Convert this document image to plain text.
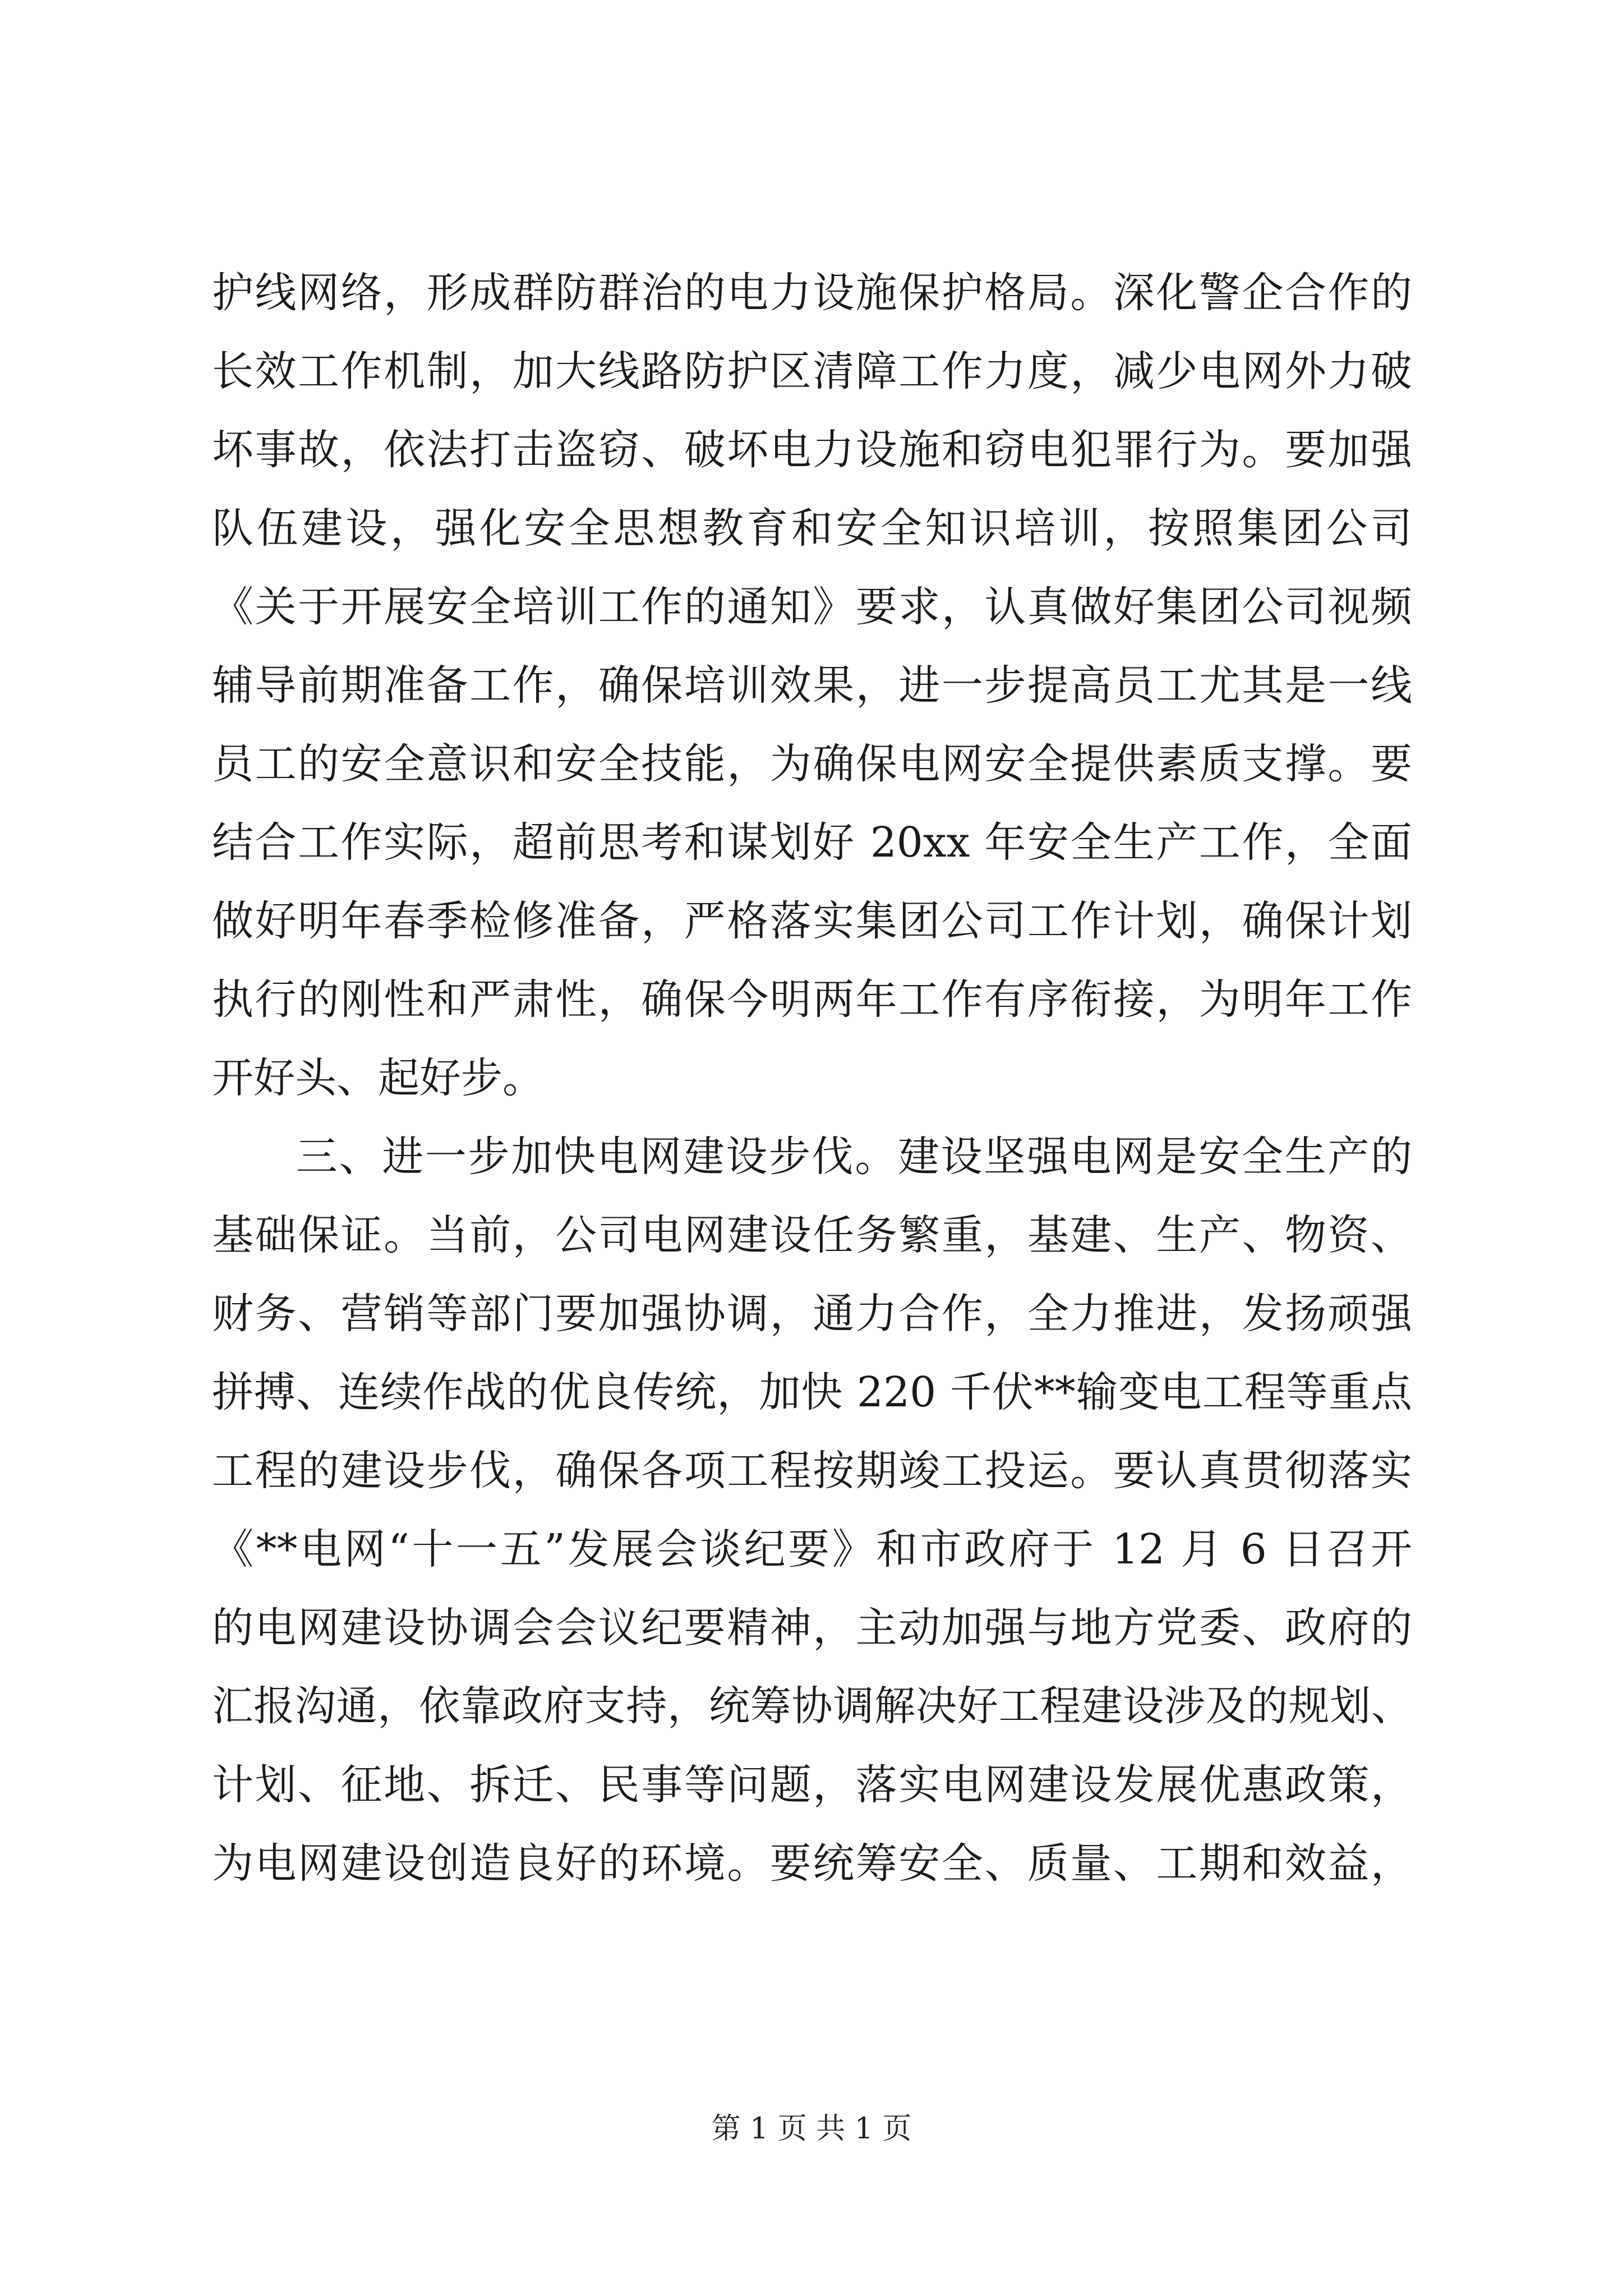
护线网络，形成群防群治的电力设施保护格局。深化警企合作的
长效工作机制，加大线路防护区清障工作力度，减少电网外力破
坏事故，依法打击盗窃、破坏电力设施和窃电犯罪行为。要加强
队伍建设，强化安全思想教育和安全知识培训，按照集团公司
《关于开展安全培训工作的通知》要求，认真做好集团公司视频
辅导前期准备工作，确保培训效果，进一步提高员工尤其是一线
员工的安全意识和安全技能，为确保电网安全提供素质支撑。要
结合工作实际，超前思考和谋划好 20xx 年安全生产工作，全面
做好明年春季检修准备，严格落实集团公司工作计划，确保计划
执行的刚性和严肃性，确保今明两年工作有序衔接，为明年工作
开好头、起好步。
三、进一步加快电网建设步伐。建设坚强电网是安全生产的
基础保证。当前，公司电网建设任务繁重，基建、生产、物资、
财务、营销等部门要加强协调，通力合作，全力推进，发扬顽强
拼搏、连续作战的优良传统，加快 220 千伏**输变电工程等重点
工程的建设步伐，确保各项工程按期竣工投运。要认真贯彻落实
《**电网“十一五”发展会谈纪要》和市政府于 12 月 6 日召开
的电网建设协调会会议纪要精神，主动加强与地方党委、政府的
汇报沟通，依靠政府支持，统筹协调解决好工程建设涉及的规划、
计划、征地、拆迁、民事等问题，落实电网建设发展优惠政策，
为电网建设创造良好的环境。要统筹安全、质量、工期和效益，
第 1 页 共 1 页
